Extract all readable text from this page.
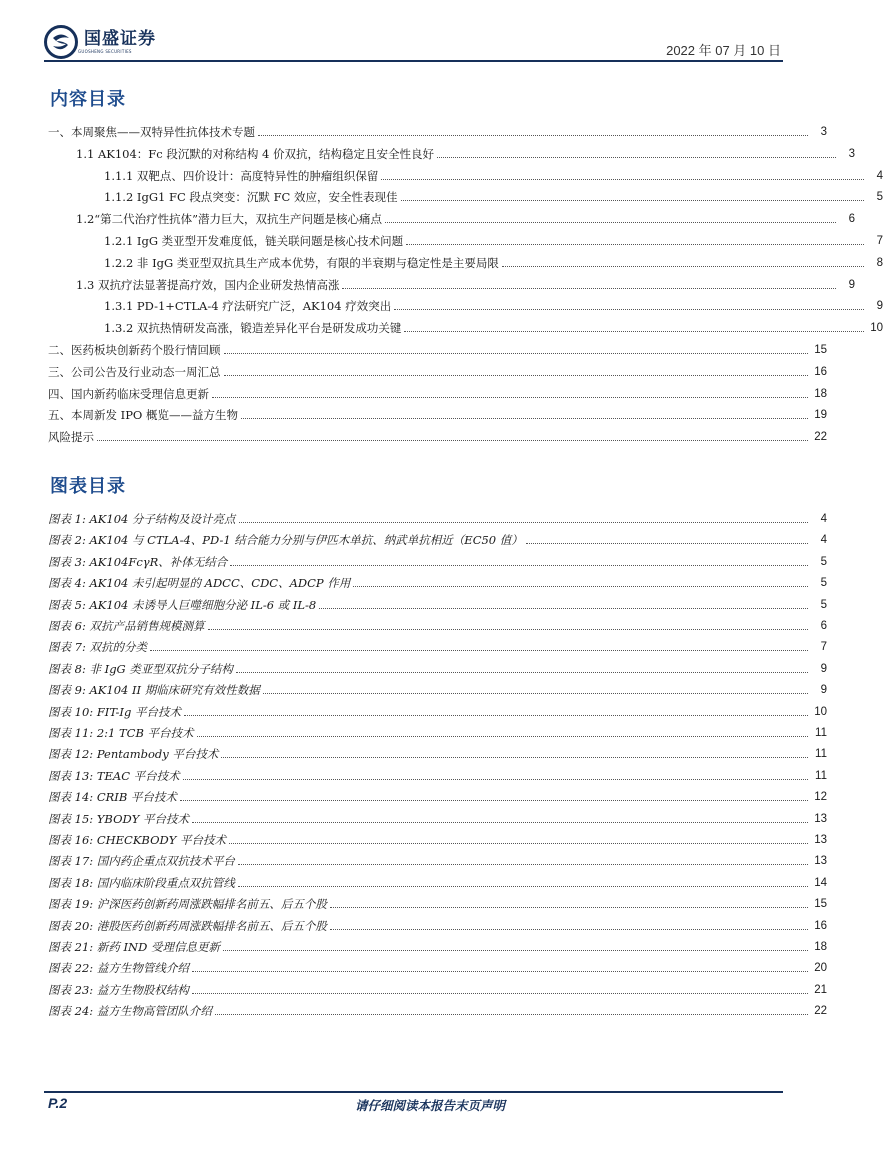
国盛证券
GUOSHENG SECURITIES	2022 年 07 月 10 日
内容目录
一、本周聚焦——双特异性抗体技术专题	3
1.1 AK104：Fc 段沉默的对称结构 4 价双抗，结构稳定且安全性良好	3
1.1.1 双靶点、四价设计：高度特异性的肿瘤组织保留	4
1.1.2 IgG1 FC 段点突变：沉默 FC 效应，安全性表现佳	5
1.2“第二代治疗性抗体”潜力巨大，双抗生产问题是核心痛点	6
1.2.1 IgG 类亚型开发难度低，链关联问题是核心技术问题	7
1.2.2 非 IgG 类亚型双抗具生产成本优势，有限的半衰期与稳定性是主要局限	8
1.3 双抗疗法显著提高疗效，国内企业研发热情高涨	9
1.3.1 PD-1+CTLA-4 疗法研究广泛，AK104 疗效突出	9
1.3.2 双抗热情研发高涨，锻造差异化平台是研发成功关键	10
二、医药板块创新药个股行情回顾	15
三、公司公告及行业动态一周汇总	16
四、国内新药临床受理信息更新	18
五、本周新发 IPO 概览——益方生物	19
风险提示	22
图表目录
图表 1: AK104 分子结构及设计亮点	4
图表 2: AK104 与 CTLA-4、PD-1 结合能力分别与伊匹木单抗、纳武单抗相近（EC50 值）	4
图表 3: AK104FcγR、补体无结合	5
图表 4: AK104 未引起明显的 ADCC、CDC、ADCP 作用	5
图表 5: AK104 未诱导人巨噬细胞分泌 IL-6 或 IL-8	5
图表 6: 双抗产品销售规模测算	6
图表 7: 双抗的分类	7
图表 8: 非 IgG 类亚型双抗分子结构	9
图表 9: AK104 II 期临床研究有效性数据	9
图表 10: FIT-Ig 平台技术	10
图表 11: 2:1 TCB 平台技术	11
图表 12: Pentambody 平台技术	11
图表 13: TEAC 平台技术	11
图表 14: CRIB 平台技术	12
图表 15: YBODY 平台技术	13
图表 16: CHECKBODY 平台技术	13
图表 17: 国内药企重点双抗技术平台	13
图表 18: 国内临床阶段重点双抗管线	14
图表 19: 沪深医药创新药周涨跌幅排名前五、后五个股	15
图表 20: 港股医药创新药周涨跌幅排名前五、后五个股	16
图表 21: 新药 IND 受理信息更新	18
图表 22: 益方生物管线介绍	20
图表 23: 益方生物股权结构	21
图表 24: 益方生物高管团队介绍	22
P.2	请仔细阅读本报告末页声明
